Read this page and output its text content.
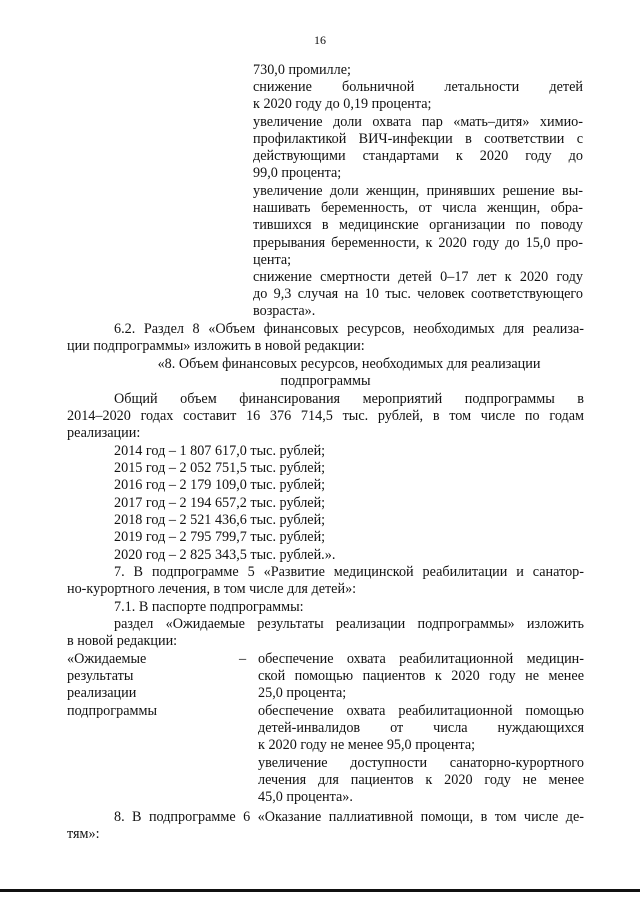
16
730,0 промилле;
снижение больничной летальности детей
к 2020 году до 0,19 процента;
увеличение доли охвата пар «мать–дитя» химио-
профилактикой ВИЧ-инфекции в соответствии с
действующими стандартами к 2020 году до
99,0 процента;
увеличение доли женщин, принявших решение вы-
нашивать беременность, от числа женщин, обра-
тившихся в медицинские организации по поводу
прерывания беременности, к 2020 году до 15,0 про-
цента;
снижение смертности детей 0–17 лет к 2020 году
до 9,3 случая на 10 тыс. человек соответствующего
возраста».
6.2. Раздел 8 «Объем финансовых ресурсов, необходимых для реализа-
ции подпрограммы» изложить в новой редакции:
«8. Объем финансовых ресурсов, необходимых для реализации
подпрограммы
Общий объем финансирования мероприятий подпрограммы в
2014–2020 годах составит 16 376 714,5 тыс. рублей, в том числе по годам
реализации:
2014 год – 1 807 617,0 тыс. рублей;
2015 год – 2 052 751,5 тыс. рублей;
2016 год – 2 179 109,0 тыс. рублей;
2017 год – 2 194 657,2 тыс. рублей;
2018 год – 2 521 436,6 тыс. рублей;
2019 год – 2 795 799,7 тыс. рублей;
2020 год – 2 825 343,5 тыс. рублей.».
7. В подпрограмме 5 «Развитие медицинской реабилитации и санатор-
но-курортного лечения, в том числе для детей»:
7.1. В паспорте подпрограммы:
раздел «Ожидаемые результаты реализации подпрограммы» изложить
в новой редакции:
«Ожидаемые	– обеспечение охвата реабилитационной медицин-
результаты	ской помощью пациентов к 2020 году не менее
реализации	25,0 процента;
подпрограммы	обеспечение охвата реабилитационной помощью
детей-инвалидов от числа нуждающихся
к 2020 году не менее 95,0 процента;
увеличение доступности санаторно-курортного
лечения для пациентов к 2020 году не менее
45,0 процента».
8. В подпрограмме 6 «Оказание паллиативной помощи, в том числе де-
тям»:
